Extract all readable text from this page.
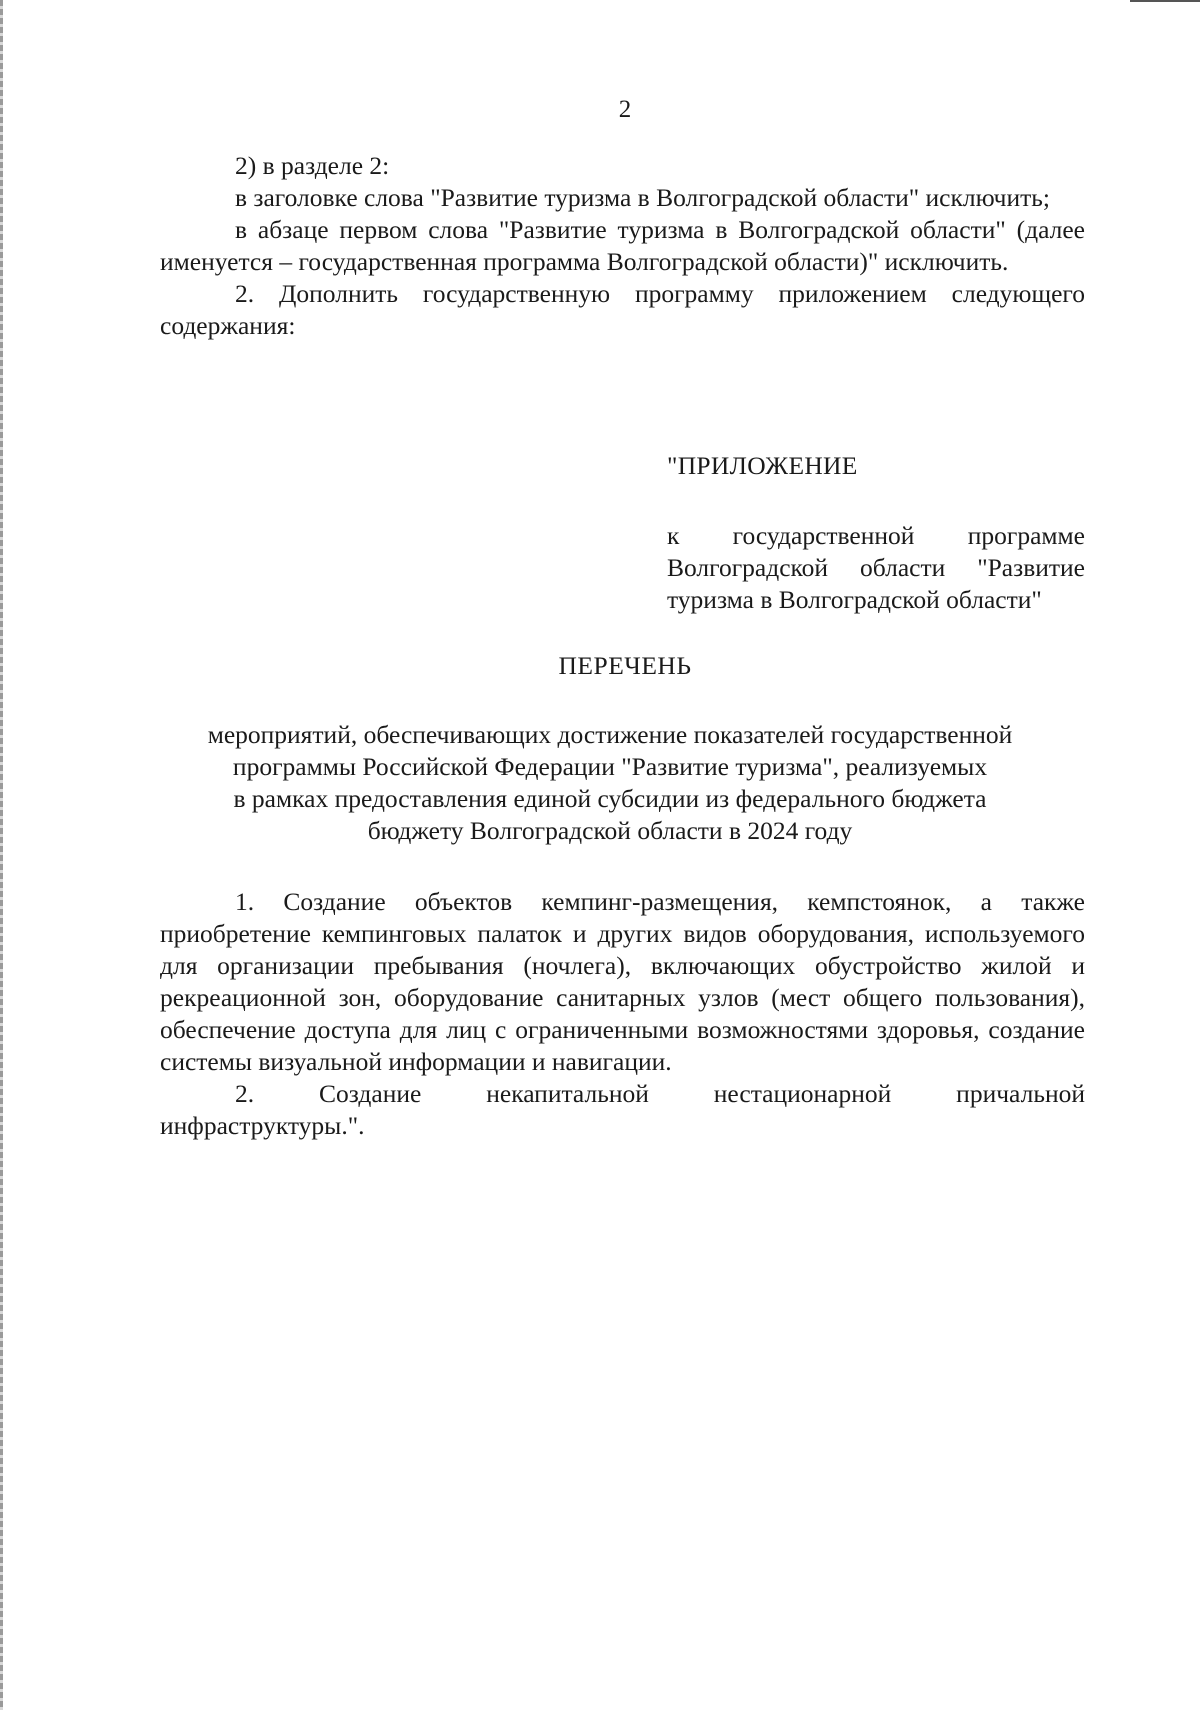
2

2) в разделе 2:

в заголовке слова "Развитие туризма в Волгоградской области" исключить;

в абзаце первом слова "Развитие туризма в Волгоградской области" (далее именуется – государственная программа Волгоградской области)" исключить.

2. Дополнить государственную программу приложением следующего содержания:

"ПРИЛОЖЕНИЕ

к государственной программе Волгоградской области "Развитие туризма в Волгоградской области"

ПЕРЕЧЕНЬ
мероприятий, обеспечивающих достижение показателей государственной
программы Российской Федерации "Развитие туризма", реализуемых
в рамках предоставления единой субсидии из федерального бюджета
бюджету Волгоградской области в 2024 году

1. Создание объектов кемпинг-размещения, кемпстоянок, а также приобретение кемпинговых палаток и других видов оборудования, используемого для организации пребывания (ночлега), включающих обустройство жилой и рекреационной зон, оборудование санитарных узлов (мест общего пользования), обеспечение доступа для лиц с ограниченными возможностями здоровья, создание системы визуальной информации и навигации.

2. Создание некапитальной нестационарной причальной

инфраструктуры.".
